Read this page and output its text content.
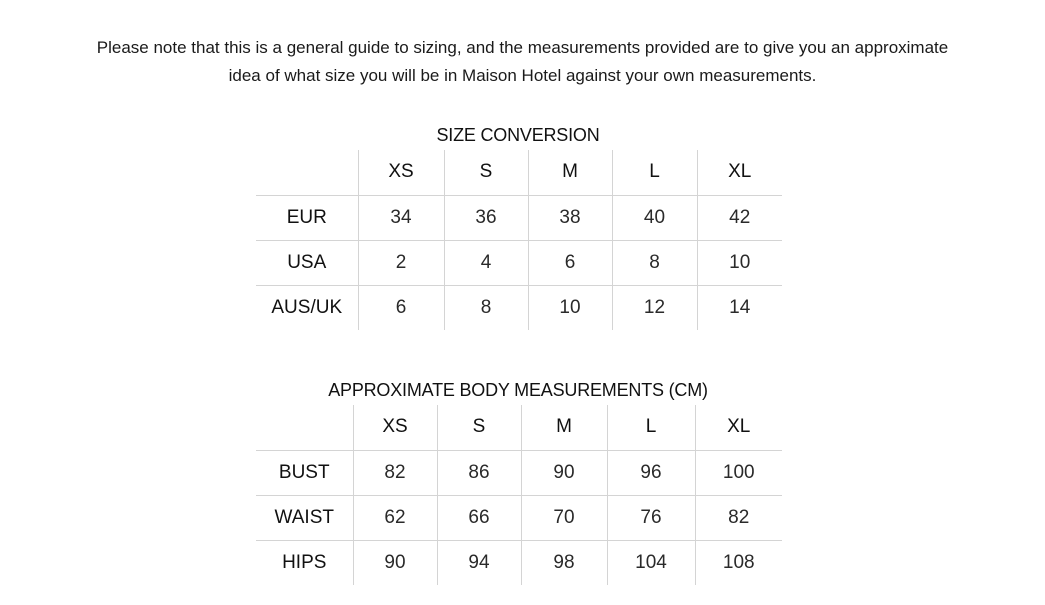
Please note that this is a general guide to sizing, and the measurements provided are to give you an approximate
idea of what size you will be in Maison Hotel against your own measurements.
SIZE CONVERSION
	XS	S	M	L	XL
EUR	34	36	38	40	42
USA	2	4	6	8	10
AUS/UK	6	8	10	12	14
APPROXIMATE BODY MEASUREMENTS (CM)
	XS	S	M	L	XL
BUST	82	86	90	96	100
WAIST	62	66	70	76	82
HIPS	90	94	98	104	108
